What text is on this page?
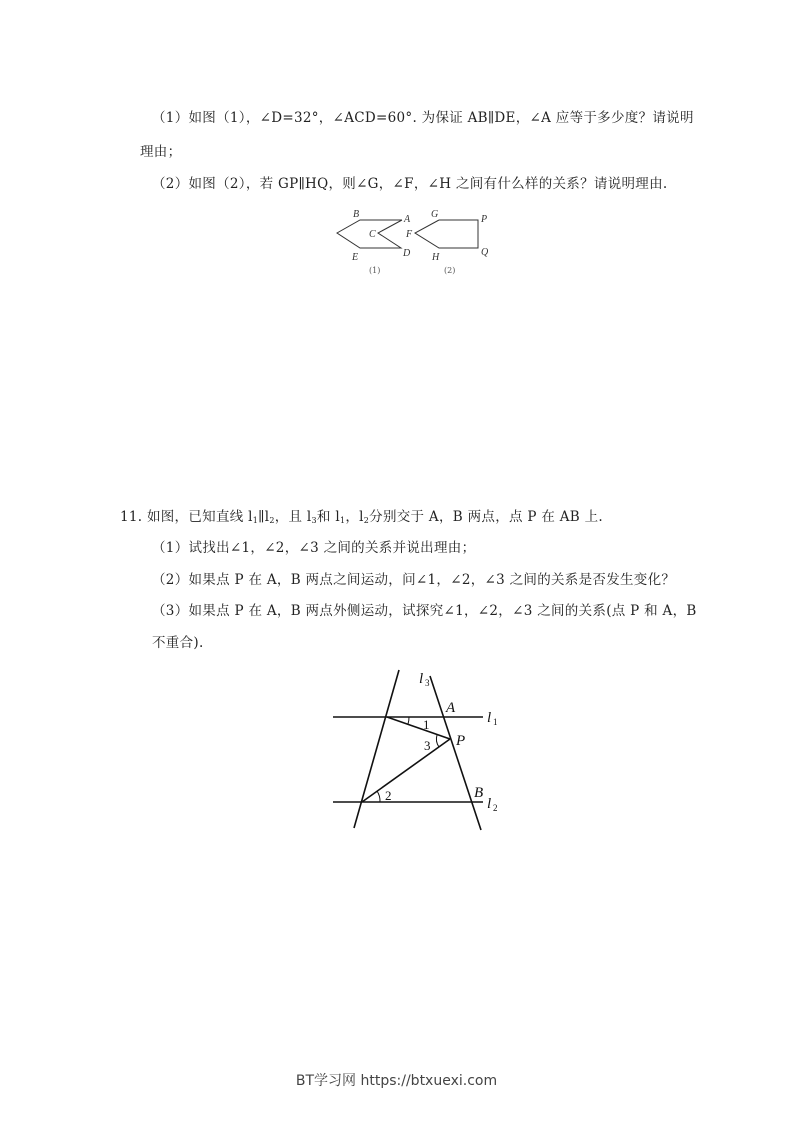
（1）如图（1），∠D=32°，∠ACD=60°. 为保证 AB∥DE，∠A 应等于多少度？请说明
理由；
（2）如图（2），若 GP∥HQ，则∠G，∠F，∠H 之间有什么样的关系？请说明理由.
B	A
C
E	D
G	P
F
H	Q
(1)	(2)
11. 如图，已知直线 $l_1\parallel l_2$，且 $l_3$和 $l_1$，$l_2$分别交于 A，B 两点，点 P 在 AB 上.
（1）试找出∠1，∠2，∠3 之间的关系并说出理由；
（2）如果点 P 在 A，B 两点之间运动，问∠1，∠2，∠3 之间的关系是否发生变化？
（3）如果点 P 在 A，B 两点外侧运动，试探究∠1，∠2，∠3 之间的关系(点 P 和 A，B
不重合).
1
2
3
A
P
B
l
l
l
3
1
2
BT学习网 https://btxuexi.com
